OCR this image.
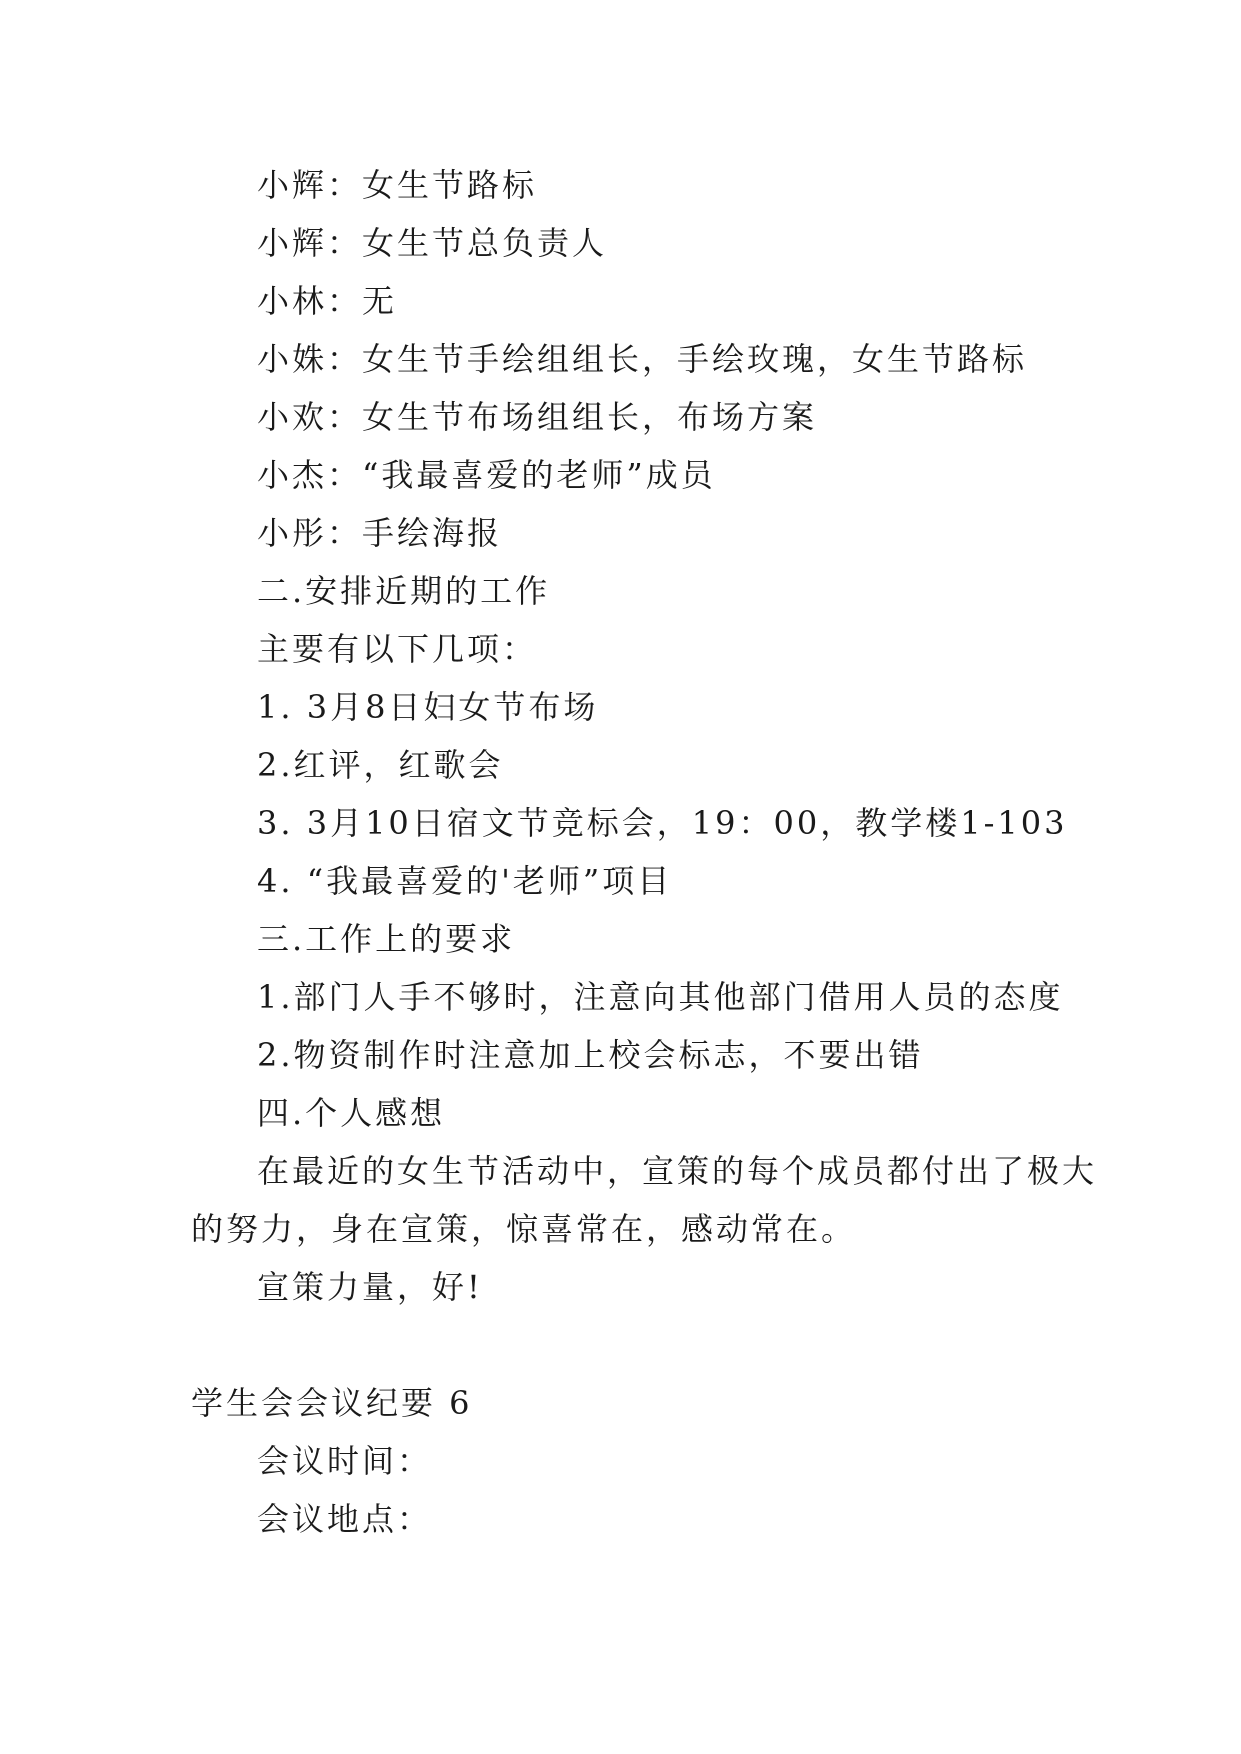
小辉：女生节路标
小辉：女生节总负责人
小林：无
小姝：女生节手绘组组长，手绘玫瑰，女生节路标
小欢：女生节布场组组长，布场方案
小杰：“我最喜爱的老师”成员
小彤：手绘海报
二.安排近期的工作
主要有以下几项：
1. 3月8日妇女节布场
2.红评，红歌会
3. 3月10日宿文节竞标会，19：00，教学楼1-103
4. “我最喜爱的'老师”项目
三.工作上的要求
1.部门人手不够时，注意向其他部门借用人员的态度
2.物资制作时注意加上校会标志，不要出错
四.个人感想
在最近的女生节活动中，宣策的每个成员都付出了极大
的努力，身在宣策，惊喜常在，感动常在。
宣策力量，好!
学生会会议纪要 6
会议时间：
会议地点：
